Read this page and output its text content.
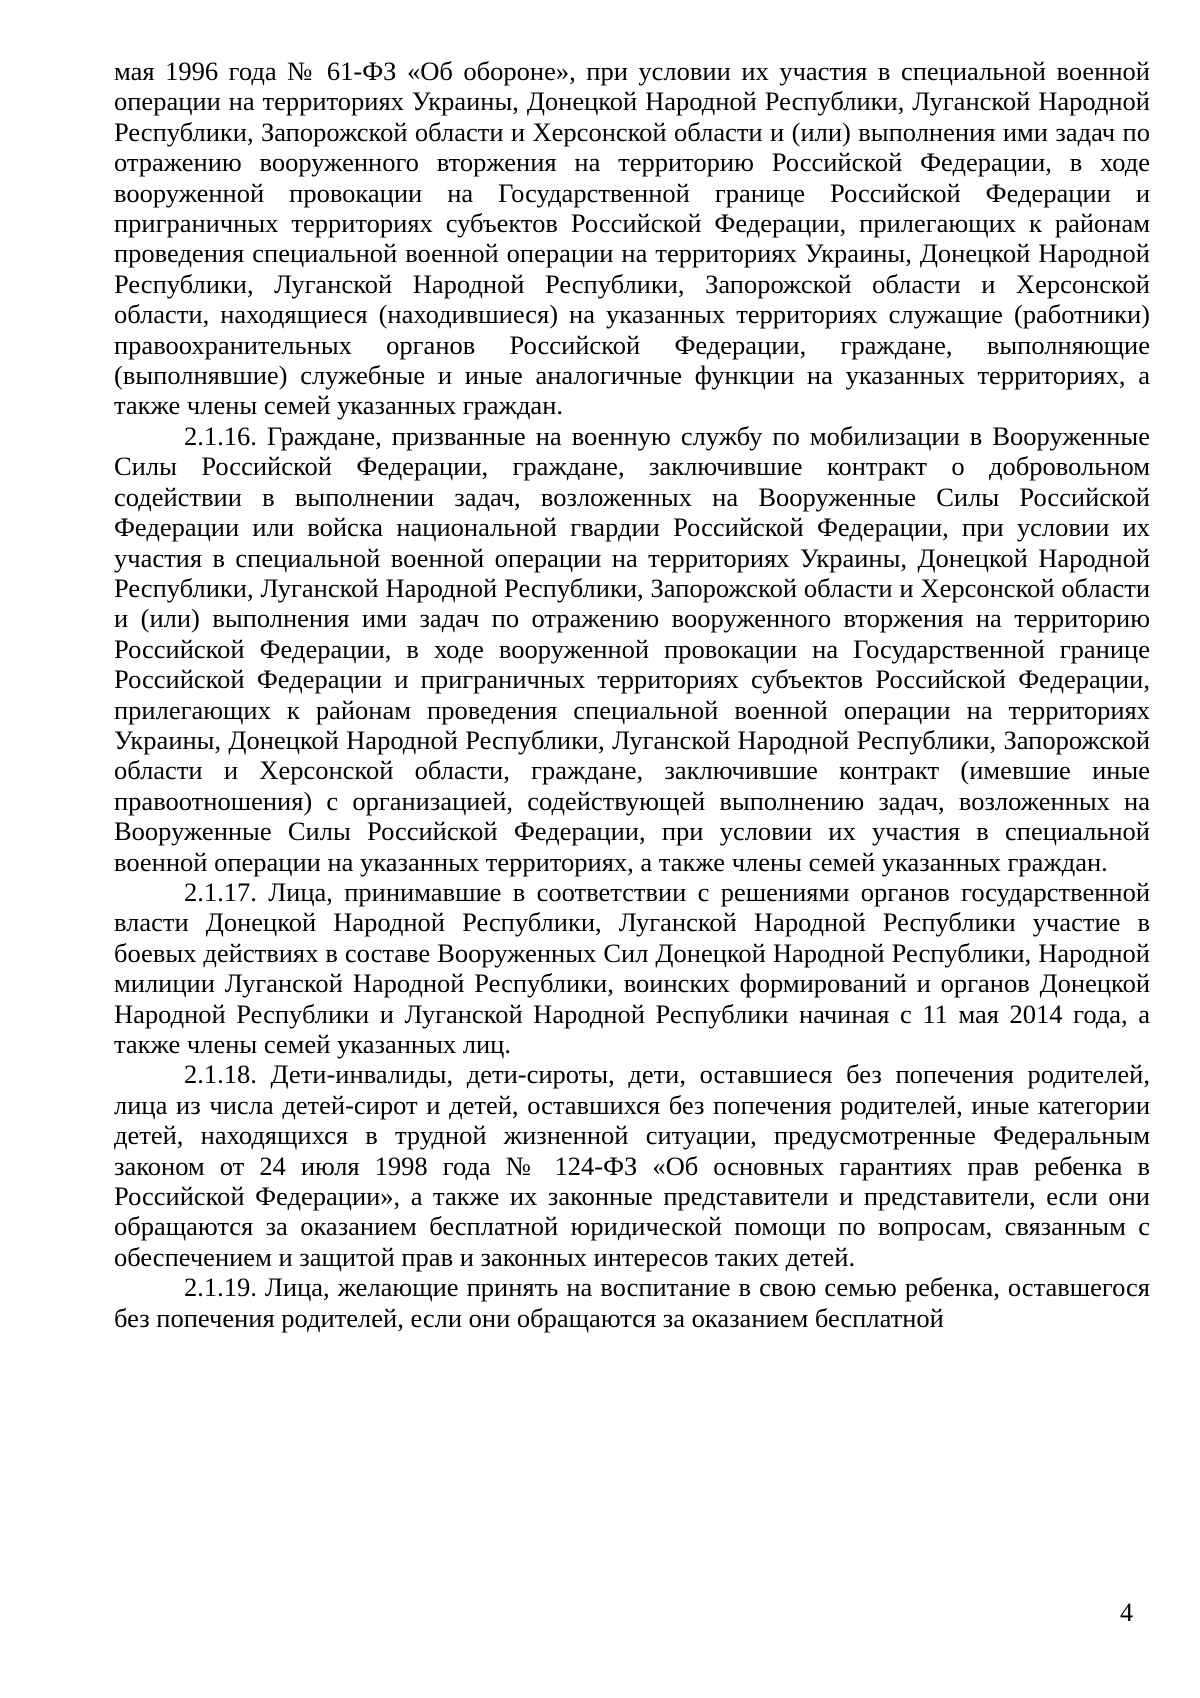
мая 1996 года № 61-ФЗ «Об обороне», при условии их участия в специальной военной операции на территориях Украины, Донецкой Народной Республики, Луганской Народной Республики, Запорожской области и Херсонской области и (или) выполнения ими задач по отражению вооруженного вторжения на территорию Российской Федерации, в ходе вооруженной провокации на Государственной границе Российской Федерации и приграничных территориях субъектов Российской Федерации, прилегающих к районам проведения специальной военной операции на территориях Украины, Донецкой Народной Республики, Луганской Народной Республики, Запорожской области и Херсонской области, находящиеся (находившиеся) на указанных территориях служащие (работники) правоохранительных органов Российской Федерации, граждане, выполняющие (выполнявшие) служебные и иные аналогичные функции на указанных территориях, а также члены семей указанных граждан.

2.1.16. Граждане, призванные на военную службу по мобилизации в Вооруженные Силы Российской Федерации, граждане, заключившие контракт о добровольном содействии в выполнении задач, возложенных на Вооруженные Силы Российской Федерации или войска национальной гвардии Российской Федерации, при условии их участия в специальной военной операции на территориях Украины, Донецкой Народной Республики, Луганской Народной Республики, Запорожской области и Херсонской области и (или) выполнения ими задач по отражению вооруженного вторжения на территорию Российской Федерации, в ходе вооруженной провокации на Государственной границе Российской Федерации и приграничных территориях субъектов Российской Федерации, прилегающих к районам проведения специальной военной операции на территориях Украины, Донецкой Народной Республики, Луганской Народной Республики, Запорожской области и Херсонской области, граждане, заключившие контракт (имевшие иные правоотношения) с организацией, содействующей выполнению задач, возложенных на Вооруженные Силы Российской Федерации, при условии их участия в специальной военной операции на указанных территориях, а также члены семей указанных граждан.

2.1.17. Лица, принимавшие в соответствии с решениями органов государственной власти Донецкой Народной Республики, Луганской Народной Республики участие в боевых действиях в составе Вооруженных Сил Донецкой Народной Республики, Народной милиции Луганской Народной Республики, воинских формирований и органов Донецкой Народной Республики и Луганской Народной Республики начиная с 11 мая 2014 года, а также члены семей указанных лиц.

2.1.18. Дети-инвалиды, дети-сироты, дети, оставшиеся без попечения родителей, лица из числа детей-сирот и детей, оставшихся без попечения родителей, иные категории детей, находящихся в трудной жизненной ситуации, предусмотренные Федеральным законом от 24 июля 1998 года № 124-ФЗ «Об основных гарантиях прав ребенка в Российской Федерации», а также их законные представители и представители, если они обращаются за оказанием бесплатной юридической помощи по вопросам, связанным с обеспечением и защитой прав и законных интересов таких детей.

2.1.19. Лица, желающие принять на воспитание в свою семью ребенка, оставшегося без попечения родителей, если они обращаются за оказанием бесплатной

4
